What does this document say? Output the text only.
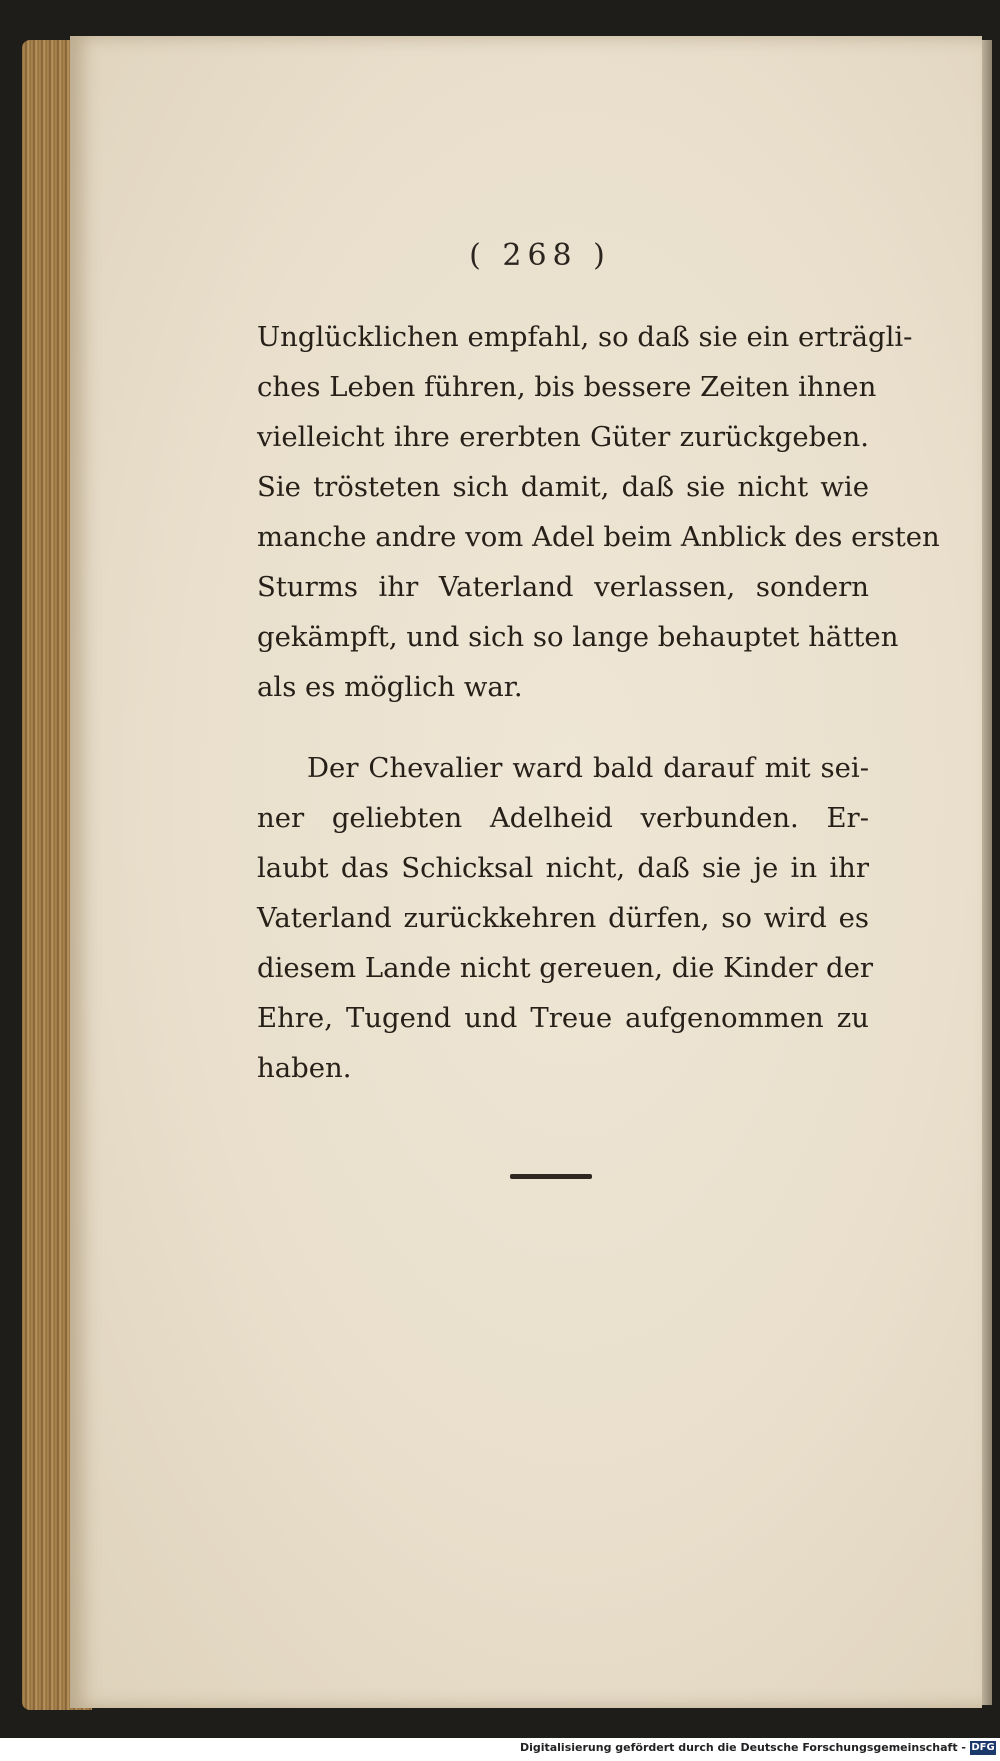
( 268 )
Unglücklichen empfahl, so daß sie ein erträgli-
ches Leben führen, bis bessere Zeiten ihnen
vielleicht ihre ererbten Güter zurückgeben.
Sie trösteten sich damit, daß sie nicht wie
manche andre vom Adel beim Anblick des ersten
Sturms ihr Vaterland verlassen, sondern
gekämpft, und sich so lange behauptet hätten
als es möglich war.
Der Chevalier ward bald darauf mit sei-
ner geliebten Adelheid verbunden. Er-
laubt das Schicksal nicht, daß sie je in ihr
Vaterland zurückkehren dürfen, so wird es
diesem Lande nicht gereuen, die Kinder der
Ehre, Tugend und Treue aufgenommen zu
haben.
Digitalisierung gefördert durch die Deutsche Forschungsgemeinschaft - DFG
